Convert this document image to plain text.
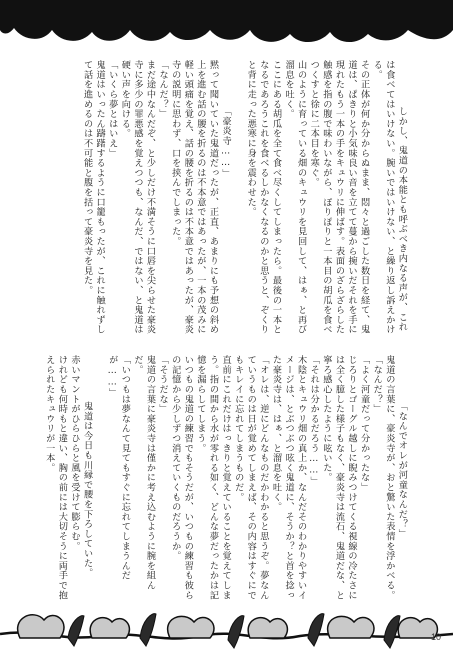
しかし、鬼道の本能とも呼ぶべき内なる声が、これは食べてはいけない。腕いではいけない、と繰り返し訴えかける。
その正体が何か分からぬまま、悶々と過ごした数日を経て、鬼道は、ぱきりと小気味良い音を立てて蔓から捥いだそれを手に現れたもう一本の手をキュウリに伸ばす。表面のざらざらした触感を指の腹で味わいながら、ぽりぽりと一本目の胡瓜を食べつくすと徐に二本目を寒ぐ。
山のように育っている畑のキュウリを見回して、はぁ、と再び溜息を吐く。
ここにある胡瓜を全て食べ尽くしてしまったら。最後の一本となるであろうこれを食べるしかなくなるのかと思うと、ぞくりと背に走った悪寒に身を震わせた。

「豪炎寺……」
黙って聞いていた鬼道だったが、正直、あまりにも予想の斜め上を進む話の腰を折るのは不本意ではあったが、一本の茂みに軽い頭痛を覚え、話の腰を折るのは不本意ではあったが、豪炎寺の説明に思わず、口を挟んでしまった。
「なんだ？」
まだ途中なんだぞ、と少しだけ不満そうに口唇を尖らせた豪炎寺に多少の罪悪感を覚えつつも、なんだ、ではない、と鬼道は硬い声を向ける。
「いくら夢とはいえ」
鬼道はいったん躊躇するように口籠もったが、これに触れずして話を進めるのは不可能と腹を括って豪炎寺を見た。

「なんでオレが河童なんだ？」
鬼道の言葉に、豪炎寺が、おと驚いた表情を浮かべる。
「なんだ？」
「よく河童だって分かったな」
じろりとゴーグル越しに睨みつけてくる視線の冷たさには全く臆した様子もなく、豪炎寺は流石、鬼道だな、と寧ろ感心したように呟いた。
「それは分かるだろう……」
木陰とキュウリ畑の真上か、なんだそのわかりやすいイメージは、とぶつぶつ呟く鬼道に、そうか？と首を捻った豪炎寺は、はぁ、と溜息を吐く。
「オレは、逆にどんなものだかわかると思うぞ。夢なんていうものは日が覚めてしまえば、その内容はすぐにでもキレイに忘れてしまうものだ。
直前にこれだけはっきりと覚えていることを覚えてしまう。指の間から水が零れる如く、どんな夢だったかは記憶を漏らしてしまう。
いつもの鬼道の練習でもそうだが、いつもの練習も彼らの記憶から少しずつ消えていくものだろうか。
「そうだな」
鬼道の言葉に豪炎寺は僅かに考え込むように腕を組んだ。
「いつもは夢なんて見てもすぐに忘れてしまうんだが……」

鬼道は今日も川縁で腰を下ろしていた。
赤いマントがひらひらと風を受けて膨らむ。
けれども何時もと違い、胸の前には大切そうに両手で抱えられたキュウリが一本。

10
